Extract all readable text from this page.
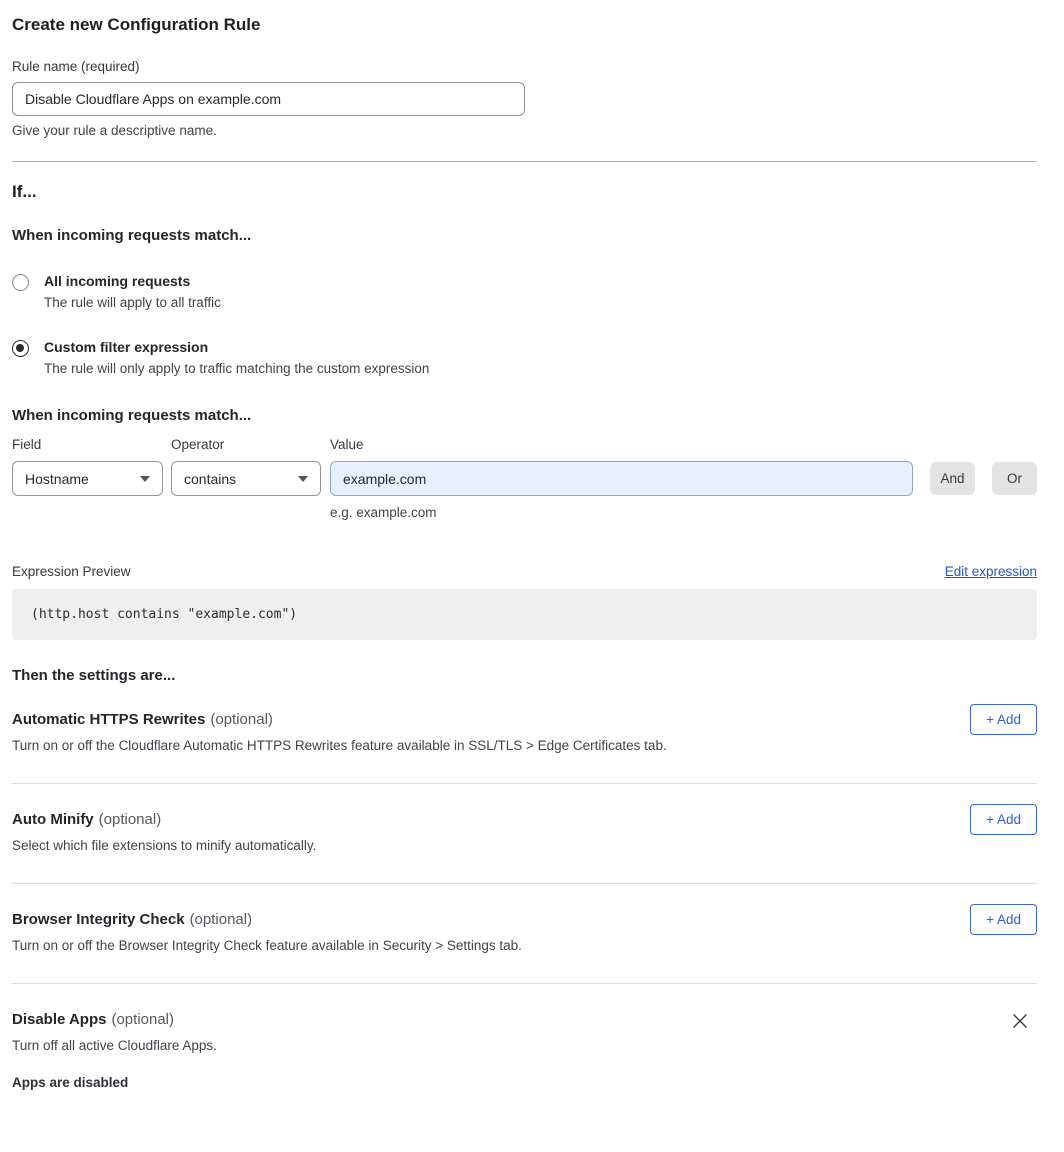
Create new Configuration Rule
Rule name (required)
Disable Cloudflare Apps on example.com
Give your rule a descriptive name.
If...
When incoming requests match...
All incoming requests
The rule will apply to all traffic
Custom filter expression
The rule will only apply to traffic matching the custom expression
When incoming requests match...
Field
Hostname
Operator
contains
Value
example.com
And	Or
e.g. example.com
Expression Preview	Edit expression
(http.host contains "example.com")
Then the settings are...
Automatic HTTPS Rewrites (optional)
Turn on or off the Cloudflare Automatic HTTPS Rewrites feature available in SSL/TLS > Edge Certificates tab.
+ Add
Auto Minify (optional)
Select which file extensions to minify automatically.
+ Add
Browser Integrity Check (optional)
Turn on or off the Browser Integrity Check feature available in Security > Settings tab.
+ Add
Disable Apps (optional)
Turn off all active Cloudflare Apps.
Apps are disabled
